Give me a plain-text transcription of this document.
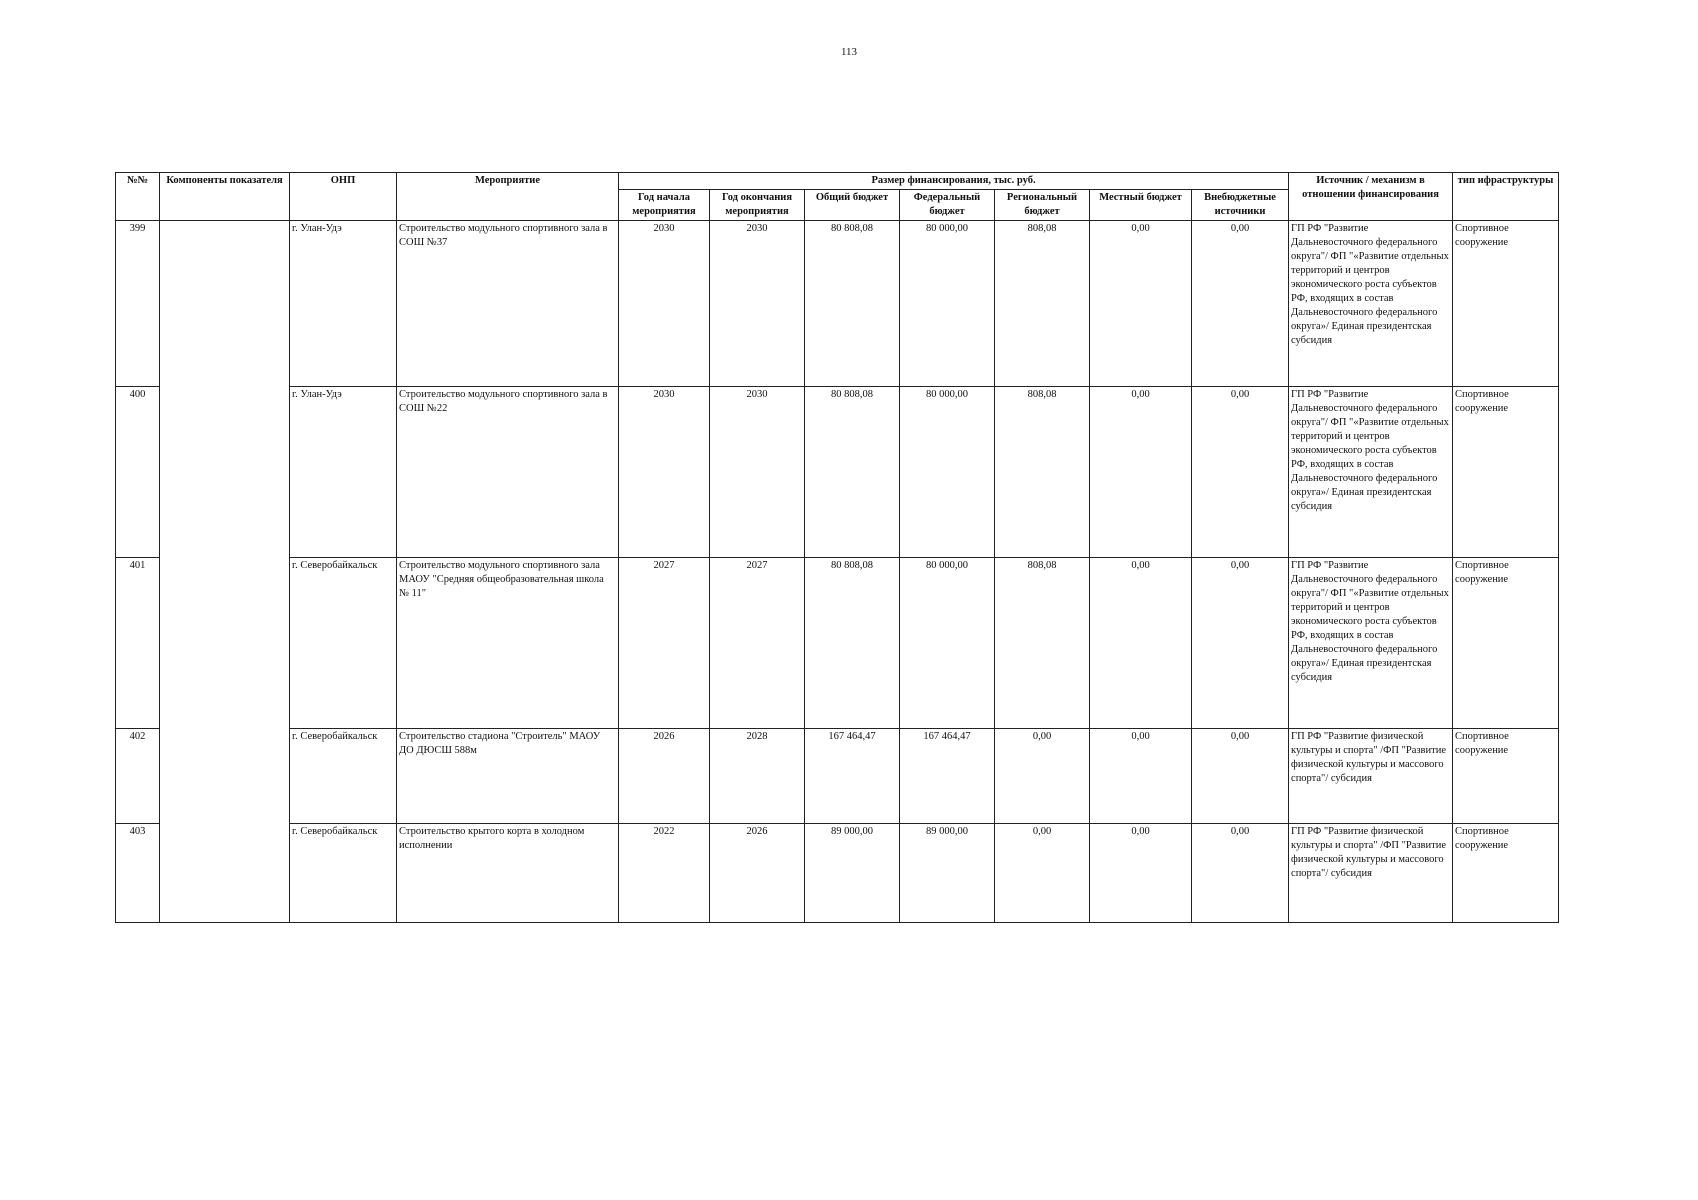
113
№№	Компоненты показателя	ОНП	Мероприятие	Размер финансирования, тыс. руб.							Источник / механизм в отношении финансирования	тип ифраструктуры
				Год начала мероприятия	Год окончания мероприятия	Общий бюджет	Федеральный бюджет	Региональный бюджет	Местный бюджет	Внебюджетные источники		
399		г. Улан-Удэ	Строительство модульного спортивного зала в СОШ №37	2030	2030	80 808,08	80 000,00	808,08	0,00	0,00	ГП РФ "Развитие Дальневосточного федерального округа"/ ФП "«Развитие отдельных территорий и центров экономического роста субъектов РФ, входящих в состав Дальневосточного федерального округа»/ Единая президентская субсидия	Спортивное сооружение
400		г. Улан-Удэ	Строительство модульного спортивного зала в СОШ №22	2030	2030	80 808,08	80 000,00	808,08	0,00	0,00	ГП РФ "Развитие Дальневосточного федерального округа"/ ФП "«Развитие отдельных территорий и центров экономического роста субъектов РФ, входящих в состав Дальневосточного федерального округа»/ Единая президентская субсидия	Спортивное сооружение
401		г. Северобайкальск	Строительство модульного спортивного зала МАОУ "Средняя общеобразовательная школа № 11"	2027	2027	80 808,08	80 000,00	808,08	0,00	0,00	ГП РФ "Развитие Дальневосточного федерального округа"/ ФП "«Развитие отдельных территорий и центров экономического роста субъектов РФ, входящих в состав Дальневосточного федерального округа»/ Единая президентская субсидия	Спортивное сооружение
402		г. Северобайкальск	Строительство стадиона "Строитель" МАОУ ДО ДЮСШ 588м	2026	2028	167 464,47	167 464,47	0,00	0,00	0,00	ГП РФ "Развитие физической культуры и спорта" /ФП "Развитие физической культуры и массового спорта"/ субсидия	Спортивное сооружение
403		г. Северобайкальск	Строительство крытого корта в холодном исполнении	2022	2026	89 000,00	89 000,00	0,00	0,00	0,00	ГП РФ "Развитие физической культуры и спорта" /ФП "Развитие физической культуры и массового спорта"/ субсидия	Спортивное сооружение
